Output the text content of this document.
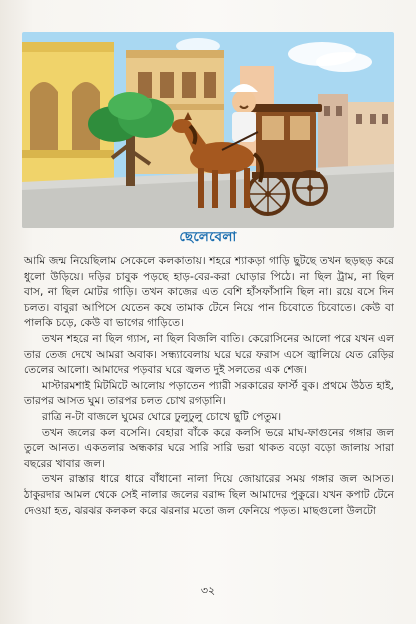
ছেলেবেলা

আমি জন্ম নিয়েছিলাম সেকেলে কলকাতায়। শহরে শ্যাকড়া গাড়ি ছুটছে তখন ছড়ছড় করে ধুলো উড়িয়ে। দড়ির চাবুক পড়ছে হাড়-বের-করা ঘোড়ার পিঠে। না ছিল ট্রাম, না ছিল বাস, না ছিল মোটর গাড়ি। তখন কাজের এত বেশি হাঁসফাঁসানি ছিল না। রয়ে বসে দিন চলত। বাবুরা আপিসে যেতেন কষে তামাক টেনে নিয়ে পান চিবোতে চিবোতে। কেউ বা পালকি চড়ে, কেউ বা ভাগের গাড়িতে।

তখন শহরে না ছিল গ্যাস, না ছিল বিজলি বাতি। কেরোসিনের আলো পরে যখন এল তার তেজ দেখে আমরা অবাক। সন্ধ্যাবেলায় ঘরে ঘরে ফরাস এসে জ্বালিয়ে যেত রেড়ির তেলের আলো। আমাদের পড়বার ঘরে জ্বলত দুই সলতের এক শেজ।

মাস্টারমশাই মিটমিটে আলোয় পড়াতেন প্যারী সরকারের ফার্স্ট বুক। প্রথমে উঠত হাই, তারপর আসত ঘুম। তারপর চলত চোখ রগড়ানি।

রাত্রি ন-টা বাজলে ঘুমের ঘোরে ঢুলুঢুলু চোখে ছুটি পেতুম।

তখন জলের কল বসেনি। বেহারা বাঁকে করে কলসি ভরে মাঘ-ফাগুনের গঙ্গার জল তুলে আনত। একতলার অন্ধকার ঘরে সারি সারি ভরা থাকত বড়ো বড়ো জালায় সারা বছরের খাবার জল।

তখন রাস্তার ধারে ধারে বাঁধানো নালা দিয়ে জোয়ারের সময় গঙ্গার জল আসত। ঠাকুরদার আমল থেকে সেই নালার জলের বরাদ্দ ছিল আমাদের পুকুরে। যখন কপাট টেনে দেওয়া হত, ঝরঝর কলকল করে ঝরনার মতো জল ফেনিয়ে পড়ত। মাছগুলো উলটো

৩২
